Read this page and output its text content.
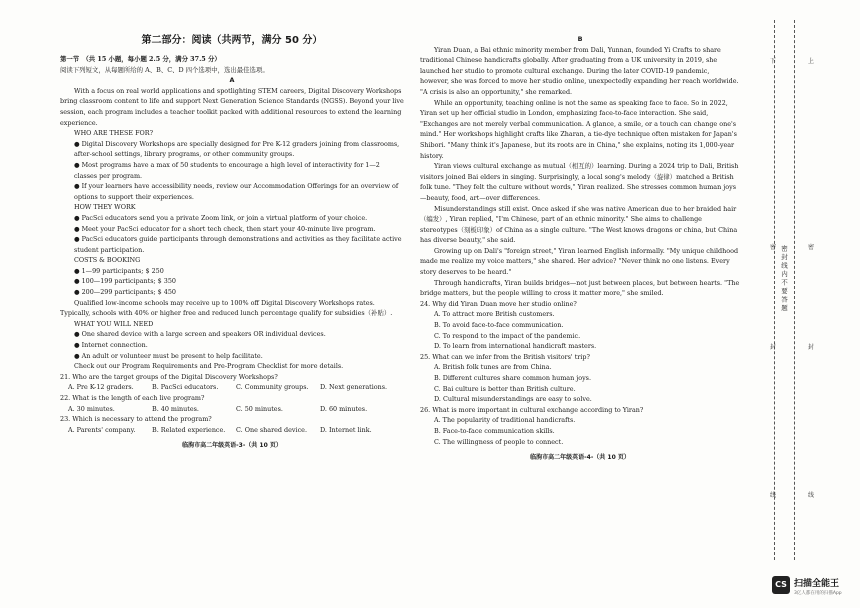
第二部分：阅读（共两节，满分 50 分）

第一节　（共 15 小题，每小题 2.5 分，满分 37.5 分）

阅读下列短文，从每题所给的 A、B、C、D 四个选项中，选出最佳选项。

A

With a focus on real world applications and spotlighting STEM careers, Digital Discovery Workshops bring classroom content to life and support Next Generation Science Standards (NGSS). Beyond your live session, each program includes a teacher toolkit packed with additional resources to extend the learning experience.

WHO ARE THESE FOR?

● Digital Discovery Workshops are specially designed for Pre K-12 graders joining from classrooms, after-school settings, library programs, or other community groups.

● Most programs have a max of 50 students to encourage a high level of interactivity for 1—2 classes per program.

● If your learners have accessibility needs, review our Accommodation Offerings for an overview of options to support their experiences.

HOW THEY WORK

● PacSci educators send you a private Zoom link, or join a virtual platform of your choice.

● Meet your PacSci educator for a short tech check, then start your 40-minute live program.

● PacSci educators guide participants through demonstrations and activities as they facilitate active student participation.

COSTS & BOOKING

● 1—99 participants; $ 250

● 100—199 participants; $ 350

● 200—299 participants; $ 450

Qualified low-income schools may receive up to 100% off Digital Discovery Workshops rates. Typically, schools with 40% or higher free and reduced lunch percentage qualify for subsidies（补贴）.

WHAT YOU WILL NEED

● One shared device with a large screen and speakers OR individual devices.

● Internet connection.

● An adult or volunteer must be present to help facilitate.

Check out our Program Requirements and Pre-Program Checklist for more details.

21. Who are the target groups of the Digital Discovery Workshops?

A. Pre K-12 graders.	B. PacSci educators.	C. Community groups.	D. Next generations.

22. What is the length of each live program?

A. 30 minutes.	B. 40 minutes.	C. 50 minutes.	D. 60 minutes.

23. Which is necessary to attend the program?

A. Parents' company.	B. Related experience.	C. One shared device.	D. Internet link.
临朐市高二年级英语-3-（共 10 页）

B

Yiran Duan, a Bai ethnic minority member from Dali, Yunnan, founded Yi Crafts to share traditional Chinese handicrafts globally. After graduating from a UK university in 2019, she launched her studio to promote cultural exchange. During the later COVID-19 pandemic, however, she was forced to move her studio online, unexpectedly expanding her reach worldwide. "A crisis is also an opportunity," she remarked.

While an opportunity, teaching online is not the same as speaking face to face. So in 2022, Yiran set up her official studio in London, emphasizing face-to-face interaction. She said, "Exchanges are not merely verbal communication. A glance, a smile, or a touch can change one's mind." Her workshops highlight crafts like Zharan, a tie-dye technique often mistaken for Japan's Shibori. "Many think it's Japanese, but its roots are in China," she explains, noting its 1,000-year history.

Yiran views cultural exchange as mutual（相互的）learning. During a 2024 trip to Dali, British visitors joined Bai elders in singing. Surprisingly, a local song's melody（旋律）matched a British folk tune. "They felt the culture without words," Yiran realized. She stresses common human joys—beauty, food, art—over differences.

Misunderstandings still exist. Once asked if she was native American due to her braided hair（编发）, Yiran replied, "I'm Chinese, part of an ethnic minority." She aims to challenge stereotypes（刻板印象）of China as a single culture. "The West knows dragons or china, but China has diverse beauty," she said.

Growing up on Dali's "foreign street," Yiran learned English informally. "My unique childhood made me realize my voice matters," she shared. Her advice? "Never think no one listens. Every story deserves to be heard."

Through handicrafts, Yiran builds bridges—not just between places, but between hearts. "The bridge matters, but the people willing to cross it matter more," she smiled.

24. Why did Yiran Duan move her studio online?

A. To attract more British customers.

B. To avoid face-to-face communication.

C. To respond to the impact of the pandemic.

D. To learn from international handicraft masters.

25. What can we infer from the British visitors' trip?

A. British folk tunes are from China.

B. Different cultures share common human joys.

C. Bai culture is better than British culture.

D. Cultural misunderstandings are easy to solve.

26. What is more important in cultural exchange according to Yiran?

A. The popularity of traditional handicrafts.

B. Face-to-face communication skills.

C. The willingness of people to connect.

临朐市高二年级英语-4-（共 10 页）
下	上
密	密
封	封
线	线
密封线内不要答题
CS 扫描全能王
3亿人都在用的扫描App
